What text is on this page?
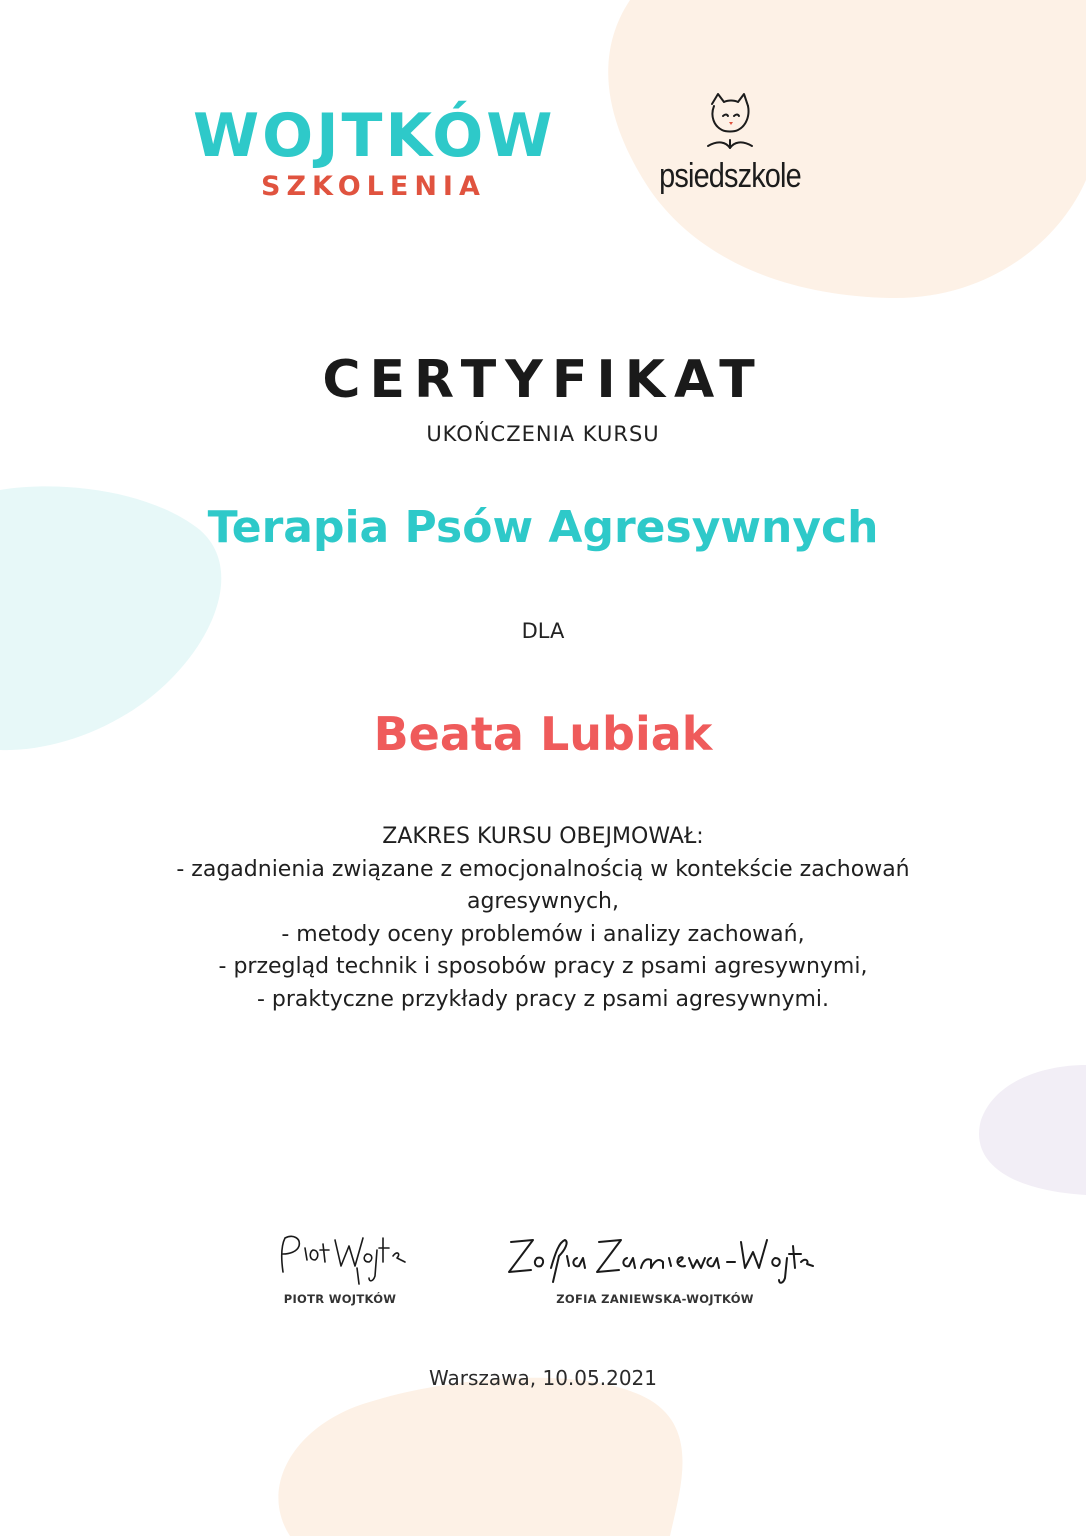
WOJTKÓW
SZKOLENIA	psiedszkole
CERTYFIKAT
UKOŃCZENIA KURSU
Terapia Psów Agresywnych
DLA
Beata Lubiak
ZAKRES KURSU OBEJMOWAŁ:
- zagadnienia związane z emocjonalnością w kontekście zachowań
agresywnych,
- metody oceny problemów i analizy zachowań,
- przegląd technik i sposobów pracy z psami agresywnymi,
- praktyczne przykłady pracy z psami agresywnymi.
PIOTR WOJTKÓW	ZOFIA ZANIEWSKA-WOJTKÓW
Warszawa, 10.05.2021
